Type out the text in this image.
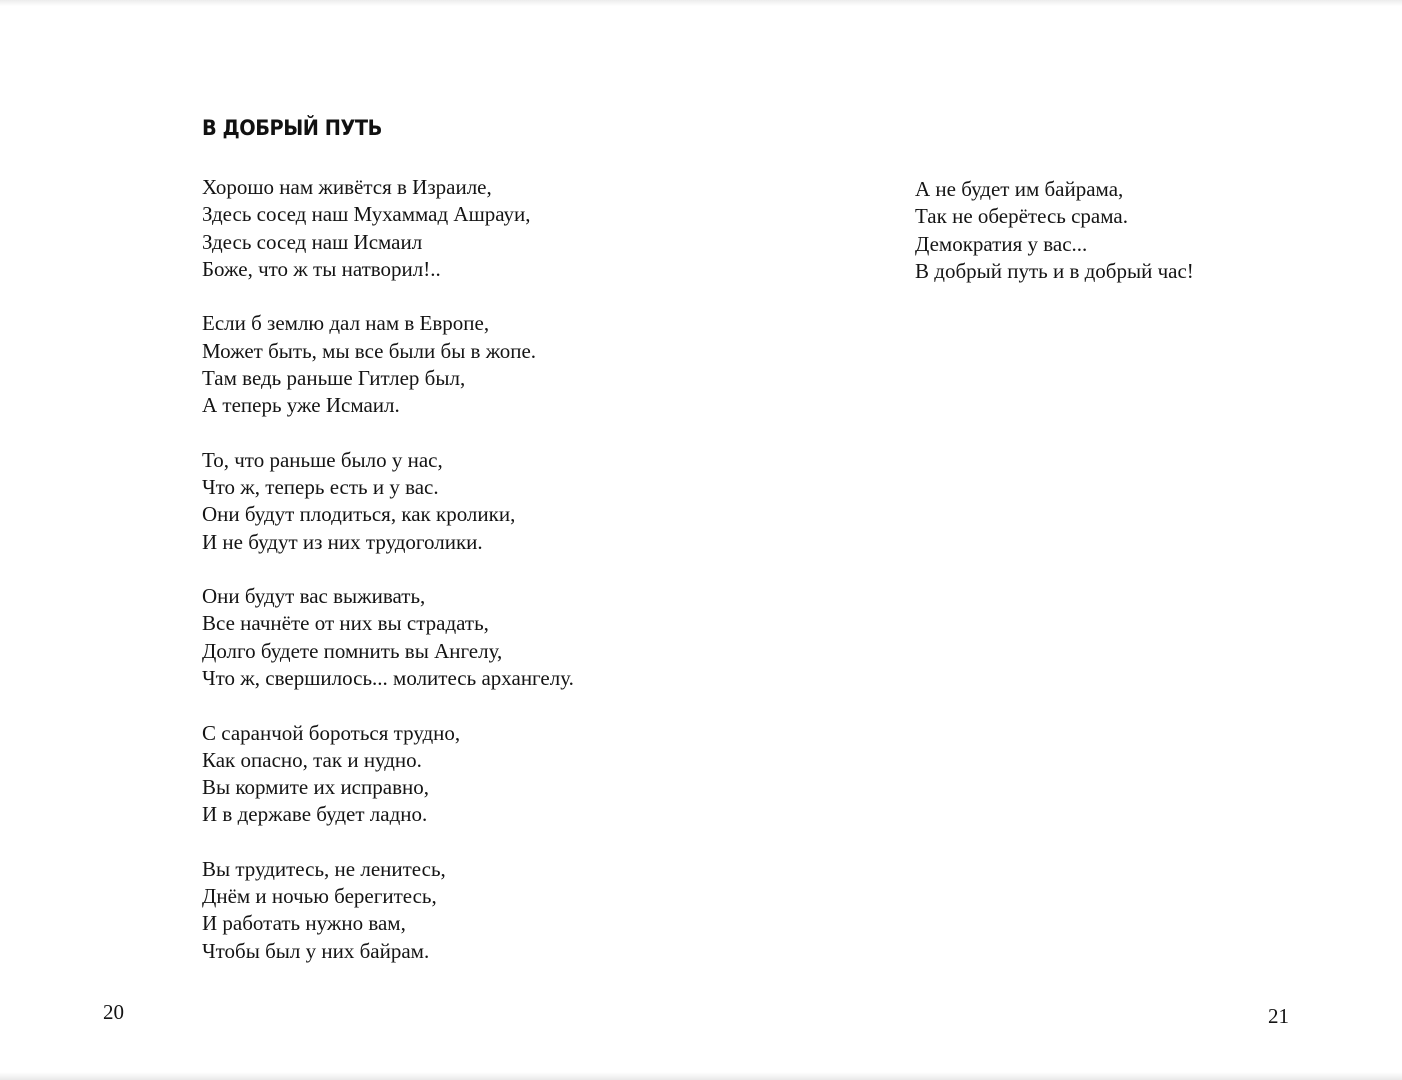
В ДОБРЫЙ ПУТЬ
Хорошо нам живётся в Израиле,
Здесь сосед наш Мухаммад Ашрауи,
Здесь сосед наш Исмаил
Боже, что ж ты натворил!..
Если б землю дал нам в Европе,
Может быть, мы все были бы в жопе.
Там ведь раньше Гитлер был,
А теперь уже Исмаил.
То, что раньше было у нас,
Что ж, теперь есть и у вас.
Они будут плодиться, как кролики,
И не будут из них трудоголики.
Они будут вас выживать,
Все начнёте от них вы страдать,
Долго будете помнить вы Ангелу,
Что ж, свершилось... молитесь архангелу.
С саранчой бороться трудно,
Как опасно, так и нудно.
Вы кормите их исправно,
И в державе будет ладно.
Вы трудитесь, не ленитесь,
Днём и ночью берегитесь,
И работать нужно вам,
Чтобы был у них байрам.
20
А не будет им байрама,
Так не оберётесь срама.
Демократия у вас...
В добрый путь и в добрый час!
21
